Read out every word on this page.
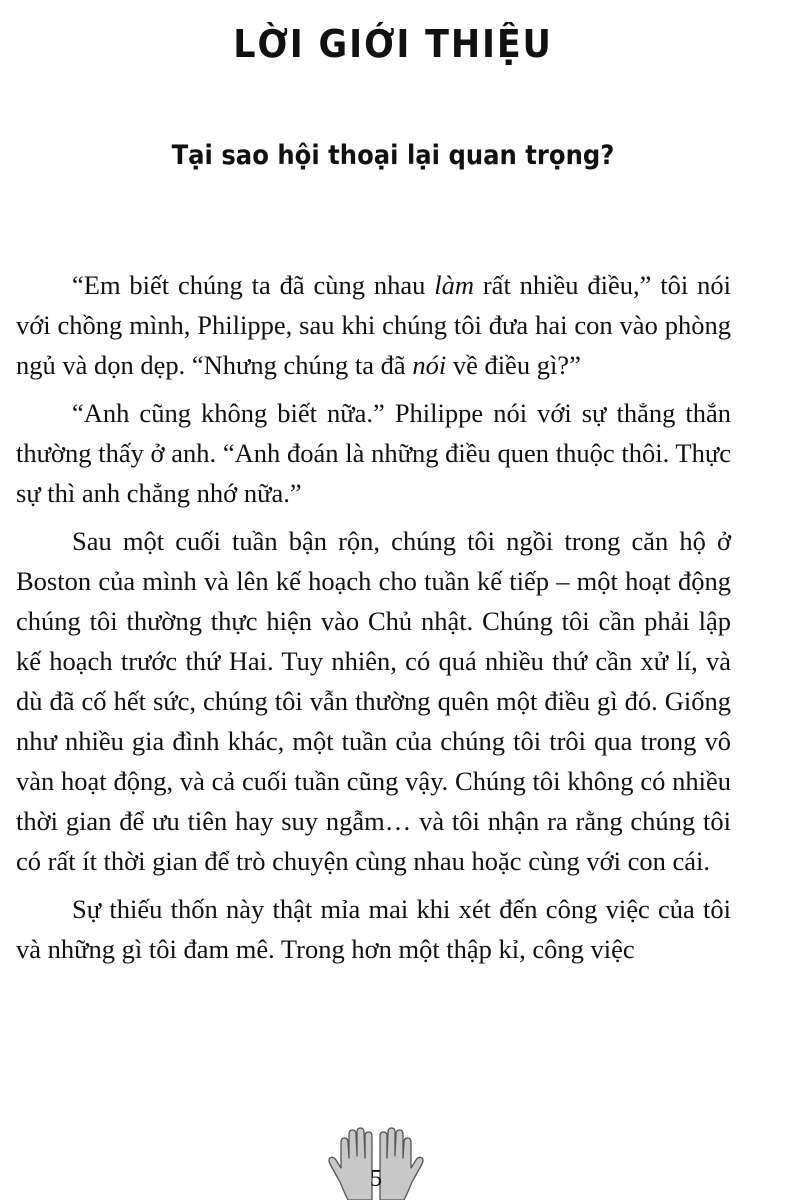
LỜI GIỚI THIỆU
Tại sao hội thoại lại quan trọng?

“Em biết chúng ta đã cùng nhau làm rất nhiều điều,” tôi nói với chồng mình, Philippe, sau khi chúng tôi đưa hai con vào phòng ngủ và dọn dẹp. “Nhưng chúng ta đã nói về điều gì?”

“Anh cũng không biết nữa.” Philippe nói với sự thẳng thắn thường thấy ở anh. “Anh đoán là những điều quen thuộc thôi. Thực sự thì anh chẳng nhớ nữa.”

Sau một cuối tuần bận rộn, chúng tôi ngồi trong căn hộ ở Boston của mình và lên kế hoạch cho tuần kế tiếp – một hoạt động chúng tôi thường thực hiện vào Chủ nhật. Chúng tôi cần phải lập kế hoạch trước thứ Hai. Tuy nhiên, có quá nhiều thứ cần xử lí, và dù đã cố hết sức, chúng tôi vẫn thường quên một điều gì đó. Giống như nhiều gia đình khác, một tuần của chúng tôi trôi qua trong vô vàn hoạt động, và cả cuối tuần cũng vậy. Chúng tôi không có nhiều thời gian để ưu tiên hay suy ngẫm… và tôi nhận ra rằng chúng tôi có rất ít thời gian để trò chuyện cùng nhau hoặc cùng với con cái.

Sự thiếu thốn này thật mỉa mai khi xét đến công việc của tôi và những gì tôi đam mê. Trong hơn một thập kỉ, công việc

5
